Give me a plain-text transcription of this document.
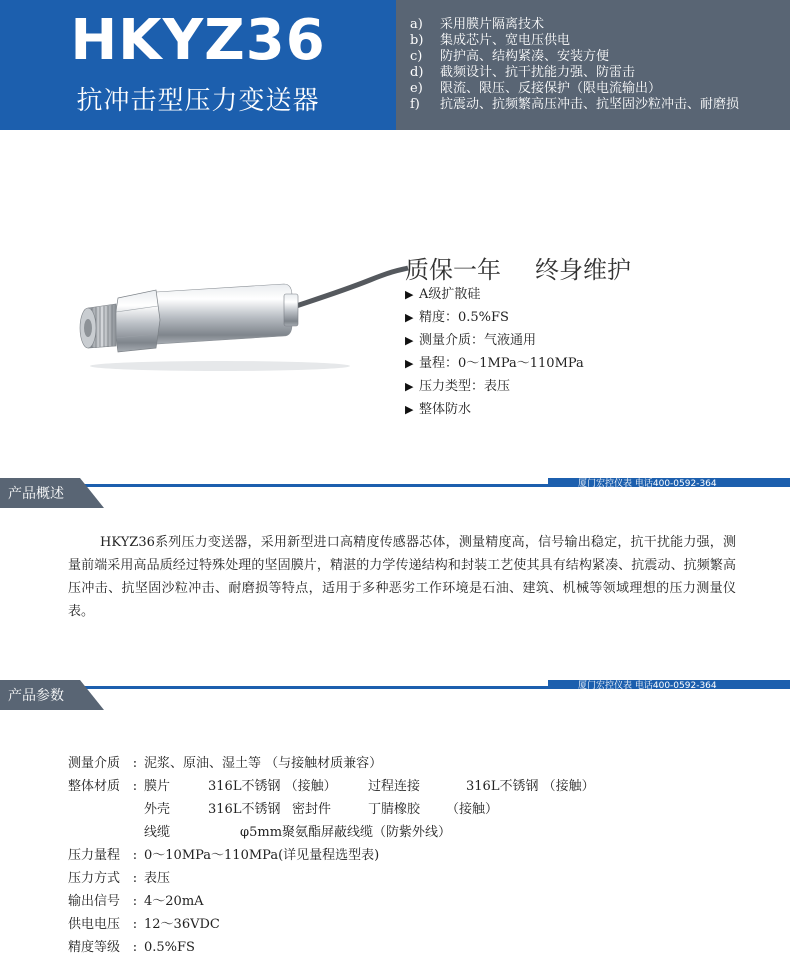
HKYZ36
抗冲击型压力变送器
a) 采用膜片隔离技术
b) 集成芯片、宽电压供电
c) 防护高、结构紧凑、安装方便
d) 截频设计、抗干扰能力强、防雷击
e) 限流、限压、反接保护（限电流输出）
f) 抗震动、抗频繁高压冲击、抗坚固沙粒冲击、耐磨损
质保一年 终身维护
▶ A级扩散硅
▶ 精度：0.5%FS
▶ 测量介质：气液通用
▶ 量程：0～1MPa～110MPa
▶ 压力类型：表压
▶ 整体防水
产品概述
厦门宏控仪表 电话400-0592-364
HKYZ36系列压力变送器，采用新型进口高精度传感器芯体，测量精度高，信号输出稳定，抗干扰能力强，测量前端采用高品质经过特殊处理的坚固膜片，精湛的力学传递结构和封装工艺使其具有结构紧凑、抗震动、抗频繁高压冲击、抗坚固沙粒冲击、耐磨损等特点，适用于多种恶劣工作环境是石油、建筑、机械等领域理想的压力测量仪表。
产品参数
厦门宏控仪表 电话400-0592-364
测量介质 : 泥浆、原油、湿土等 （与接触材质兼容）
整体材质 : 膜片	316L不锈钢 （接触） 过程连接	316L不锈钢 （接触）
外壳	316L不锈钢 密封件	丁腈橡胶 （接触）
线缆	φ5mm聚氨酯屏蔽线缆（防紫外线）
压力量程 : 0～10MPa～110MPa(详见量程选型表)
压力方式 : 表压
输出信号 : 4～20mA
供电电压 : 12～36VDC
精度等级 : 0.5%FS
